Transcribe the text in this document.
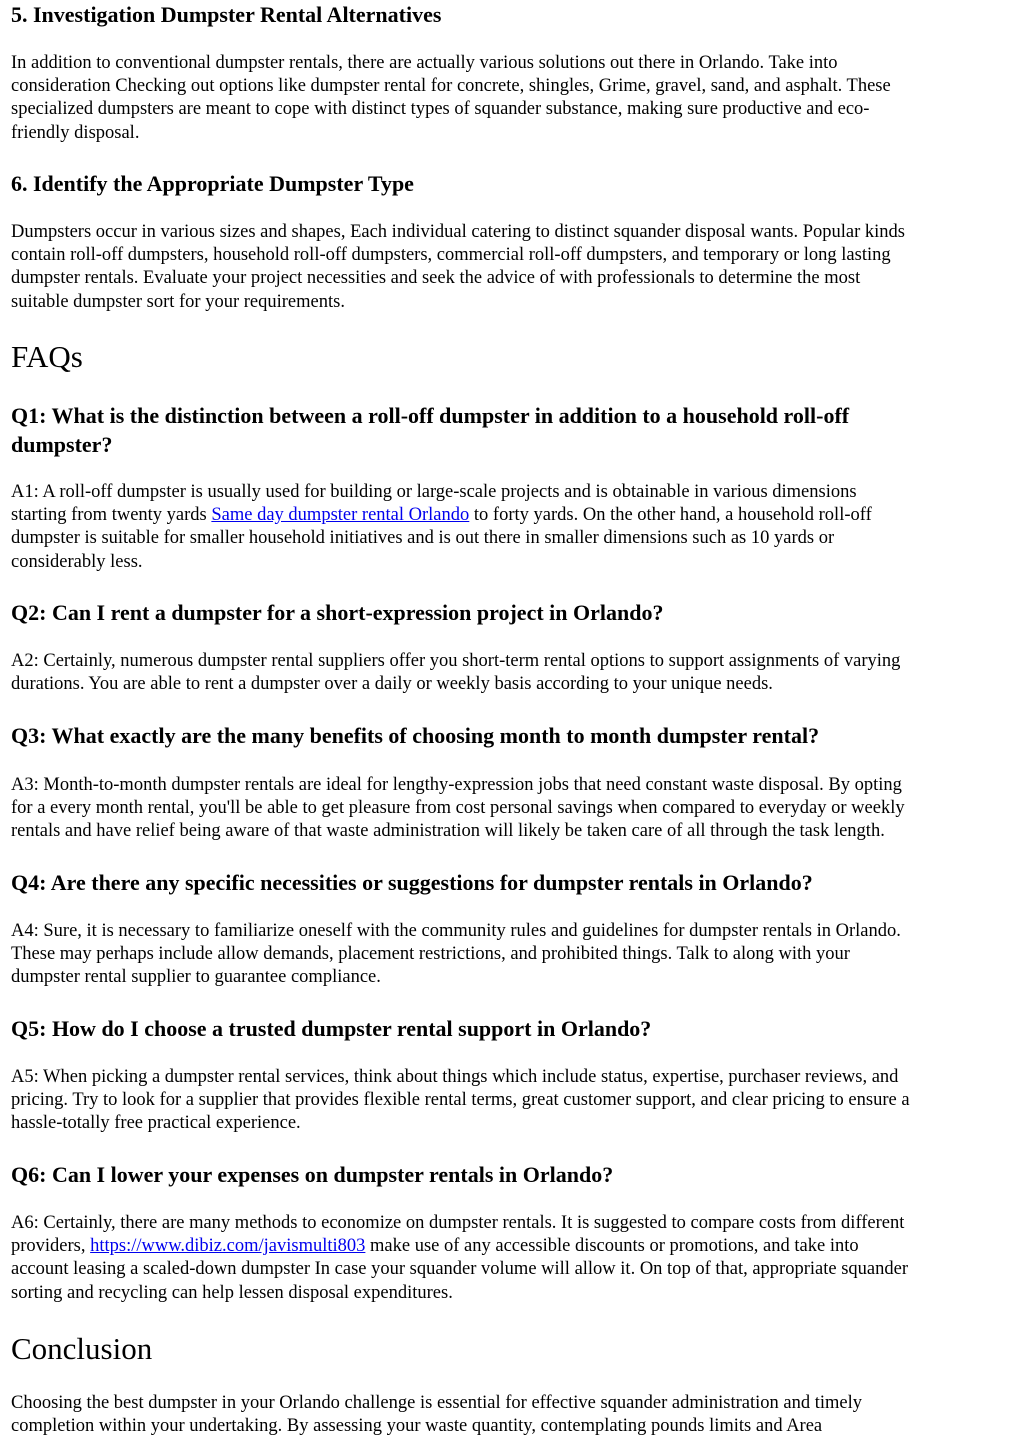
5. Investigation Dumpster Rental Alternatives

In addition to conventional dumpster rentals, there are actually various solutions out there in Orlando. Take into
consideration Checking out options like dumpster rental for concrete, shingles, Grime, gravel, sand, and asphalt. These
specialized dumpsters are meant to cope with distinct types of squander substance, making sure productive and eco-
friendly disposal.

6. Identify the Appropriate Dumpster Type

Dumpsters occur in various sizes and shapes, Each individual catering to distinct squander disposal wants. Popular kinds
contain roll-off dumpsters, household roll-off dumpsters, commercial roll-off dumpsters, and temporary or long lasting
dumpster rentals. Evaluate your project necessities and seek the advice of with professionals to determine the most
suitable dumpster sort for your requirements.

FAQs
Q1: What is the distinction between a roll-off dumpster in addition to a household roll-off
dumpster?

A1: A roll-off dumpster is usually used for building or large-scale projects and is obtainable in various dimensions
starting from twenty yards Same day dumpster rental Orlando to forty yards. On the other hand, a household roll-off
dumpster is suitable for smaller household initiatives and is out there in smaller dimensions such as 10 yards or
considerably less.

Q2: Can I rent a dumpster for a short-expression project in Orlando?

A2: Certainly, numerous dumpster rental suppliers offer you short-term rental options to support assignments of varying
durations. You are able to rent a dumpster over a daily or weekly basis according to your unique needs.

Q3: What exactly are the many benefits of choosing month to month dumpster rental?

A3: Month-to-month dumpster rentals are ideal for lengthy-expression jobs that need constant waste disposal. By opting
for a every month rental, you'll be able to get pleasure from cost personal savings when compared to everyday or weekly
rentals and have relief being aware of that waste administration will likely be taken care of all through the task length.

Q4: Are there any specific necessities or suggestions for dumpster rentals in Orlando?

A4: Sure, it is necessary to familiarize oneself with the community rules and guidelines for dumpster rentals in Orlando.
These may perhaps include allow demands, placement restrictions, and prohibited things. Talk to along with your
dumpster rental supplier to guarantee compliance.

Q5: How do I choose a trusted dumpster rental support in Orlando?

A5: When picking a dumpster rental services, think about things which include status, expertise, purchaser reviews, and
pricing. Try to look for a supplier that provides flexible rental terms, great customer support, and clear pricing to ensure a
hassle-totally free practical experience.

Q6: Can I lower your expenses on dumpster rentals in Orlando?

A6: Certainly, there are many methods to economize on dumpster rentals. It is suggested to compare costs from different
providers, https://www.dibiz.com/javismulti803 make use of any accessible discounts or promotions, and take into
account leasing a scaled-down dumpster In case your squander volume will allow it. On top of that, appropriate squander
sorting and recycling can help lessen disposal expenditures.

Conclusion

Choosing the best dumpster in your Orlando challenge is essential for effective squander administration and timely
completion within your undertaking. By assessing your waste quantity, contemplating pounds limits and Area
